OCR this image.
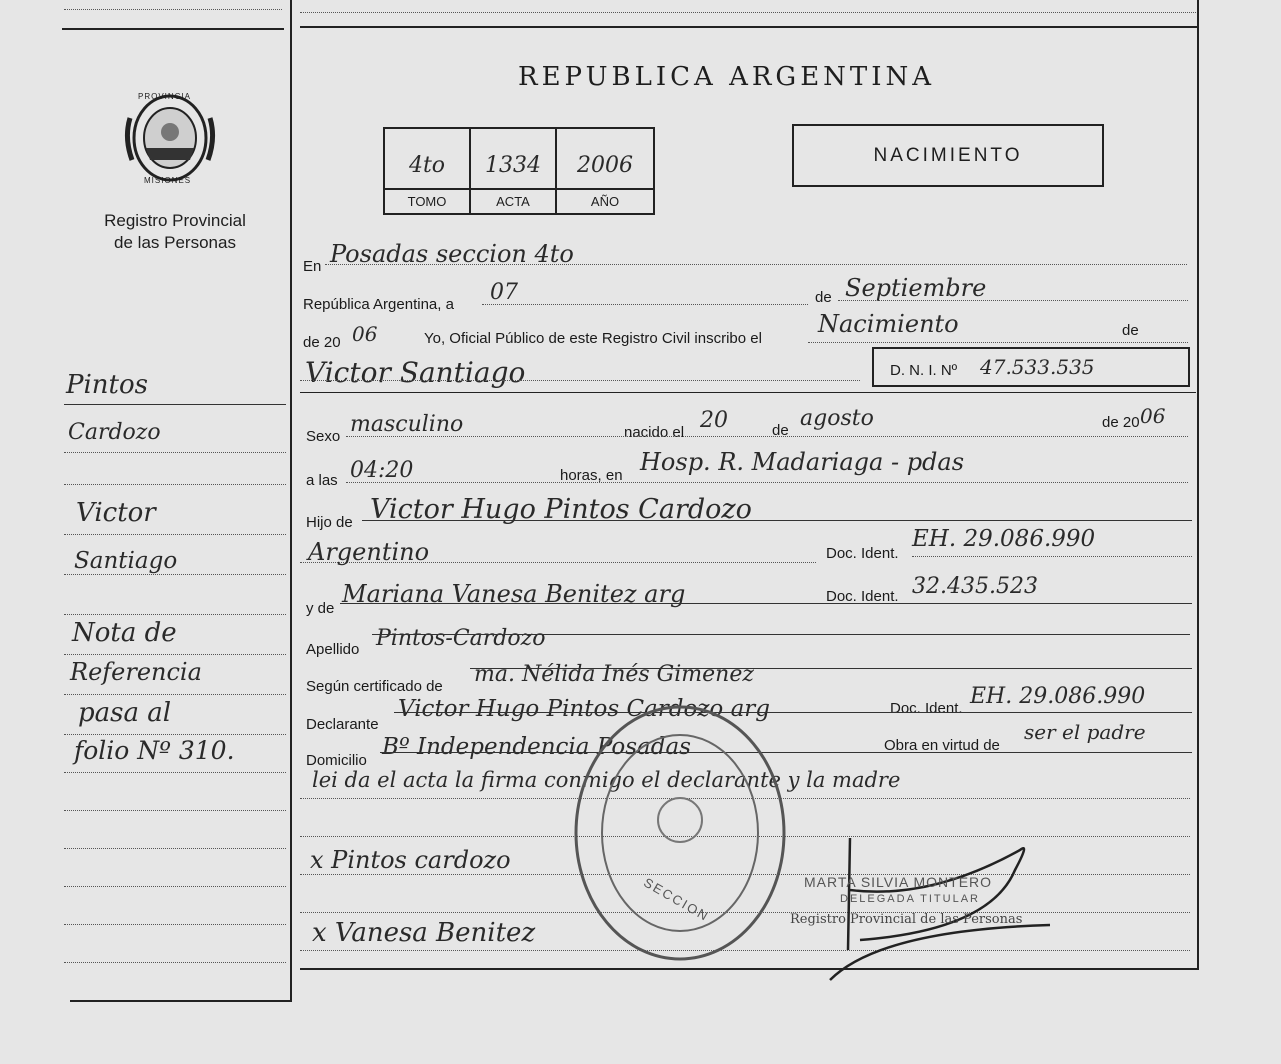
PROVINCIA
MISIONES
Registro Provincial
de las Personas
REPUBLICA ARGENTINA
4to	1334	2006
TOMO	ACTA	AÑO
NACIMIENTO
En Posadas seccion 4to
República Argentina, a 07	de Septiembre
de 20 06	Yo, Oficial Público de este Registro Civil inscribo el
Nacimiento	de
Victor Santiago	D. N. I. Nº 47.533.535
Sexo masculino	nacido el 20	de agosto	de 20 06
a las 04:20	horas, en Hosp. R. Madariaga - pdas
Hijo de Victor Hugo Pintos Cardozo
Argentino	Doc. Ident.
EH. 29.086.990
y de
Mariana Vanesa Benitez arg	Doc. Ident. 32.435.523
Apellido Pintos-Cardozo
Según certificado de ma. Nélida Inés Gimenez
Declarante
Victor Hugo Pintos Cardozo arg	Doc. Ident. EH. 29.086.990
Domicilio
Bº Independencia Posadas	Obra en virtud de
ser el padre
lei da el acta la firma conmigo el declarante y la madre
SECCION
x Pintos cardozo
x Vanesa Benitez
MARTA SILVIA MONTERO
DELEGADA TITULAR
Registro Provincial de las Personas
Pintos
Cardozo
Victor
Santiago
Nota de
Referencia
pasa al
folio Nº 310.
